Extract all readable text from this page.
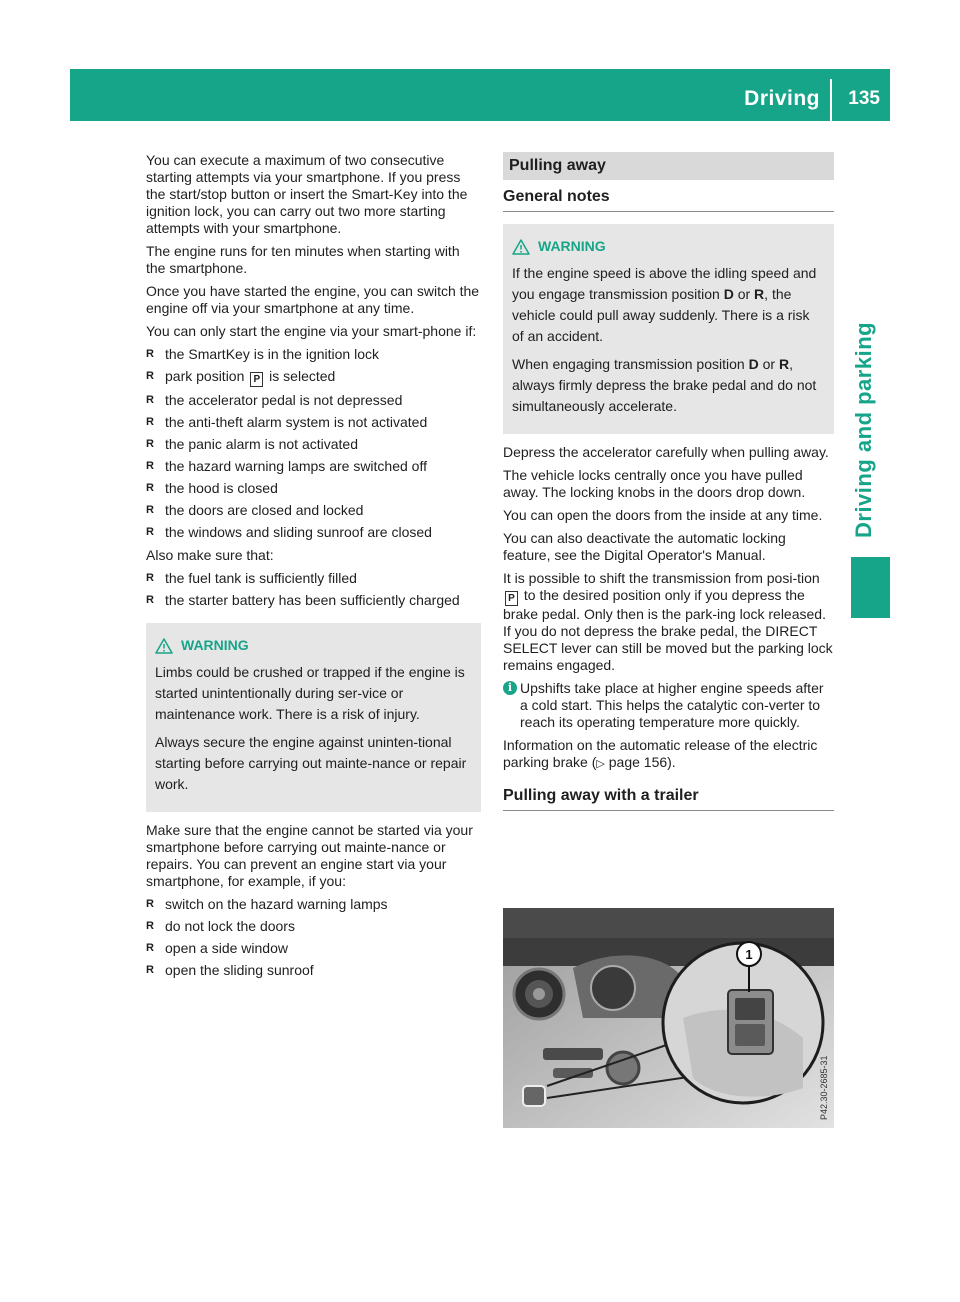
Driving 135
Driving and parking

You can execute a maximum of two consecutive starting attempts via your smartphone. If you press the start/stop button or insert the Smart-Key into the ignition lock, you can carry out two more starting attempts with your smartphone.

The engine runs for ten minutes when starting with the smartphone.

Once you have started the engine, you can switch the engine off via your smartphone at any time.

You can only start the engine via your smart-phone if:

R the SmartKey is in the ignition lock
R park position P is selected
R the accelerator pedal is not depressed
R the anti-theft alarm system is not activated
R the panic alarm is not activated
R the hazard warning lamps are switched off
R the hood is closed
R the doors are closed and locked
R the windows and sliding sunroof are closed

Also make sure that:

R the fuel tank is sufficiently filled
R the starter battery has been sufficiently charged
WARNING

Limbs could be crushed or trapped if the engine is started unintentionally during ser-vice or maintenance work. There is a risk of injury.

Always secure the engine against uninten-tional starting before carrying out mainte-nance or repair work.

Make sure that the engine cannot be started via your smartphone before carrying out mainte-nance or repairs. You can prevent an engine start via your smartphone, for example, if you:

R switch on the hazard warning lamps
R do not lock the doors
R open a side window
R open the sliding sunroof
Pulling away
General notes
WARNING

If the engine speed is above the idling speed and you engage transmission position D or R, the vehicle could pull away suddenly. There is a risk of an accident.

When engaging transmission position D or R, always firmly depress the brake pedal and do not simultaneously accelerate.

Depress the accelerator carefully when pulling away.

The vehicle locks centrally once you have pulled away. The locking knobs in the doors drop down.

You can open the doors from the inside at any time.

You can also deactivate the automatic locking feature, see the Digital Operator's Manual.

It is possible to shift the transmission from posi-tion P to the desired position only if you depress the brake pedal. Only then is the park-ing lock released. If you do not depress the brake pedal, the DIRECT SELECT lever can still be moved but the parking lock remains engaged.

i Upshifts take place at higher engine speeds after a cold start. This helps the catalytic con-verter to reach its operating temperature more quickly.

Information on the automatic release of the electric parking brake (▷ page 156).

Pulling away with a trailer
1
P42.30-2685-31
